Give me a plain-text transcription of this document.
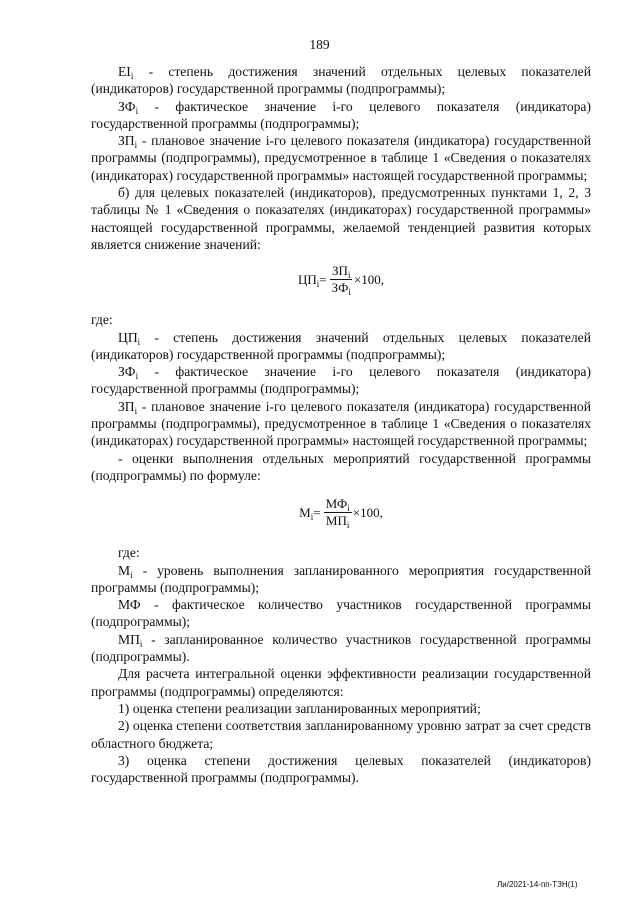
189

$EI_i$ - степень достижения значений отдельных целевых показателей (индикаторов) государственной программы (подпрограммы);

$ЗФ_i$ - фактическое значение i-го целевого показателя (индикатора) государственной программы (подпрограммы);

$ЗП_i$ - плановое значение i-го целевого показателя (индикатора) государственной программы (подпрограммы), предусмотренное в таблице 1 «Сведения о показателях (индикаторах) государственной программы» настоящей государственной программы;

б) для целевых показателей (индикаторов), предусмотренных пунктами 1, 2, 3 таблицы № 1 «Сведения о показателях (индикаторах) государственной программы» настоящей государственной программы, желаемой тенденцией развития которых является снижение значений:

$ЦП_i= \frac{ЗП_i}{ЗФ_i} \times 100$,

где:

$ЦП_i$ - степень достижения значений отдельных целевых показателей (индикаторов) государственной программы (подпрограммы);

$ЗФ_i$ - фактическое значение i-го целевого показателя (индикатора) государственной программы (подпрограммы);

$ЗП_i$ - плановое значение i-го целевого показателя (индикатора) государственной программы (подпрограммы), предусмотренное в таблице 1 «Сведения о показателях (индикаторах) государственной программы» настоящей государственной программы;

- оценки выполнения отдельных мероприятий государственной программы (подпрограммы) по формуле:

$M_i= \frac{МФ_i}{МП_i} \times 100$,

где:

$M_i$ - уровень выполнения запланированного мероприятия государственной программы (подпрограммы);

МФ - фактическое количество участников государственной программы (подпрограммы);

$МП_i$ - запланированное количество участников государственной программы (подпрограммы).

Для расчета интегральной оценки эффективности реализации государственной программы (подпрограммы) определяются:

1) оценка степени реализации запланированных мероприятий;

2) оценка степени соответствия запланированному уровню затрат за счет средств областного бюджета;

3) оценка степени достижения целевых показателей (индикаторов) государственной программы (подпрограммы).

Ли/2021-14-пп-ТЗН(1)
